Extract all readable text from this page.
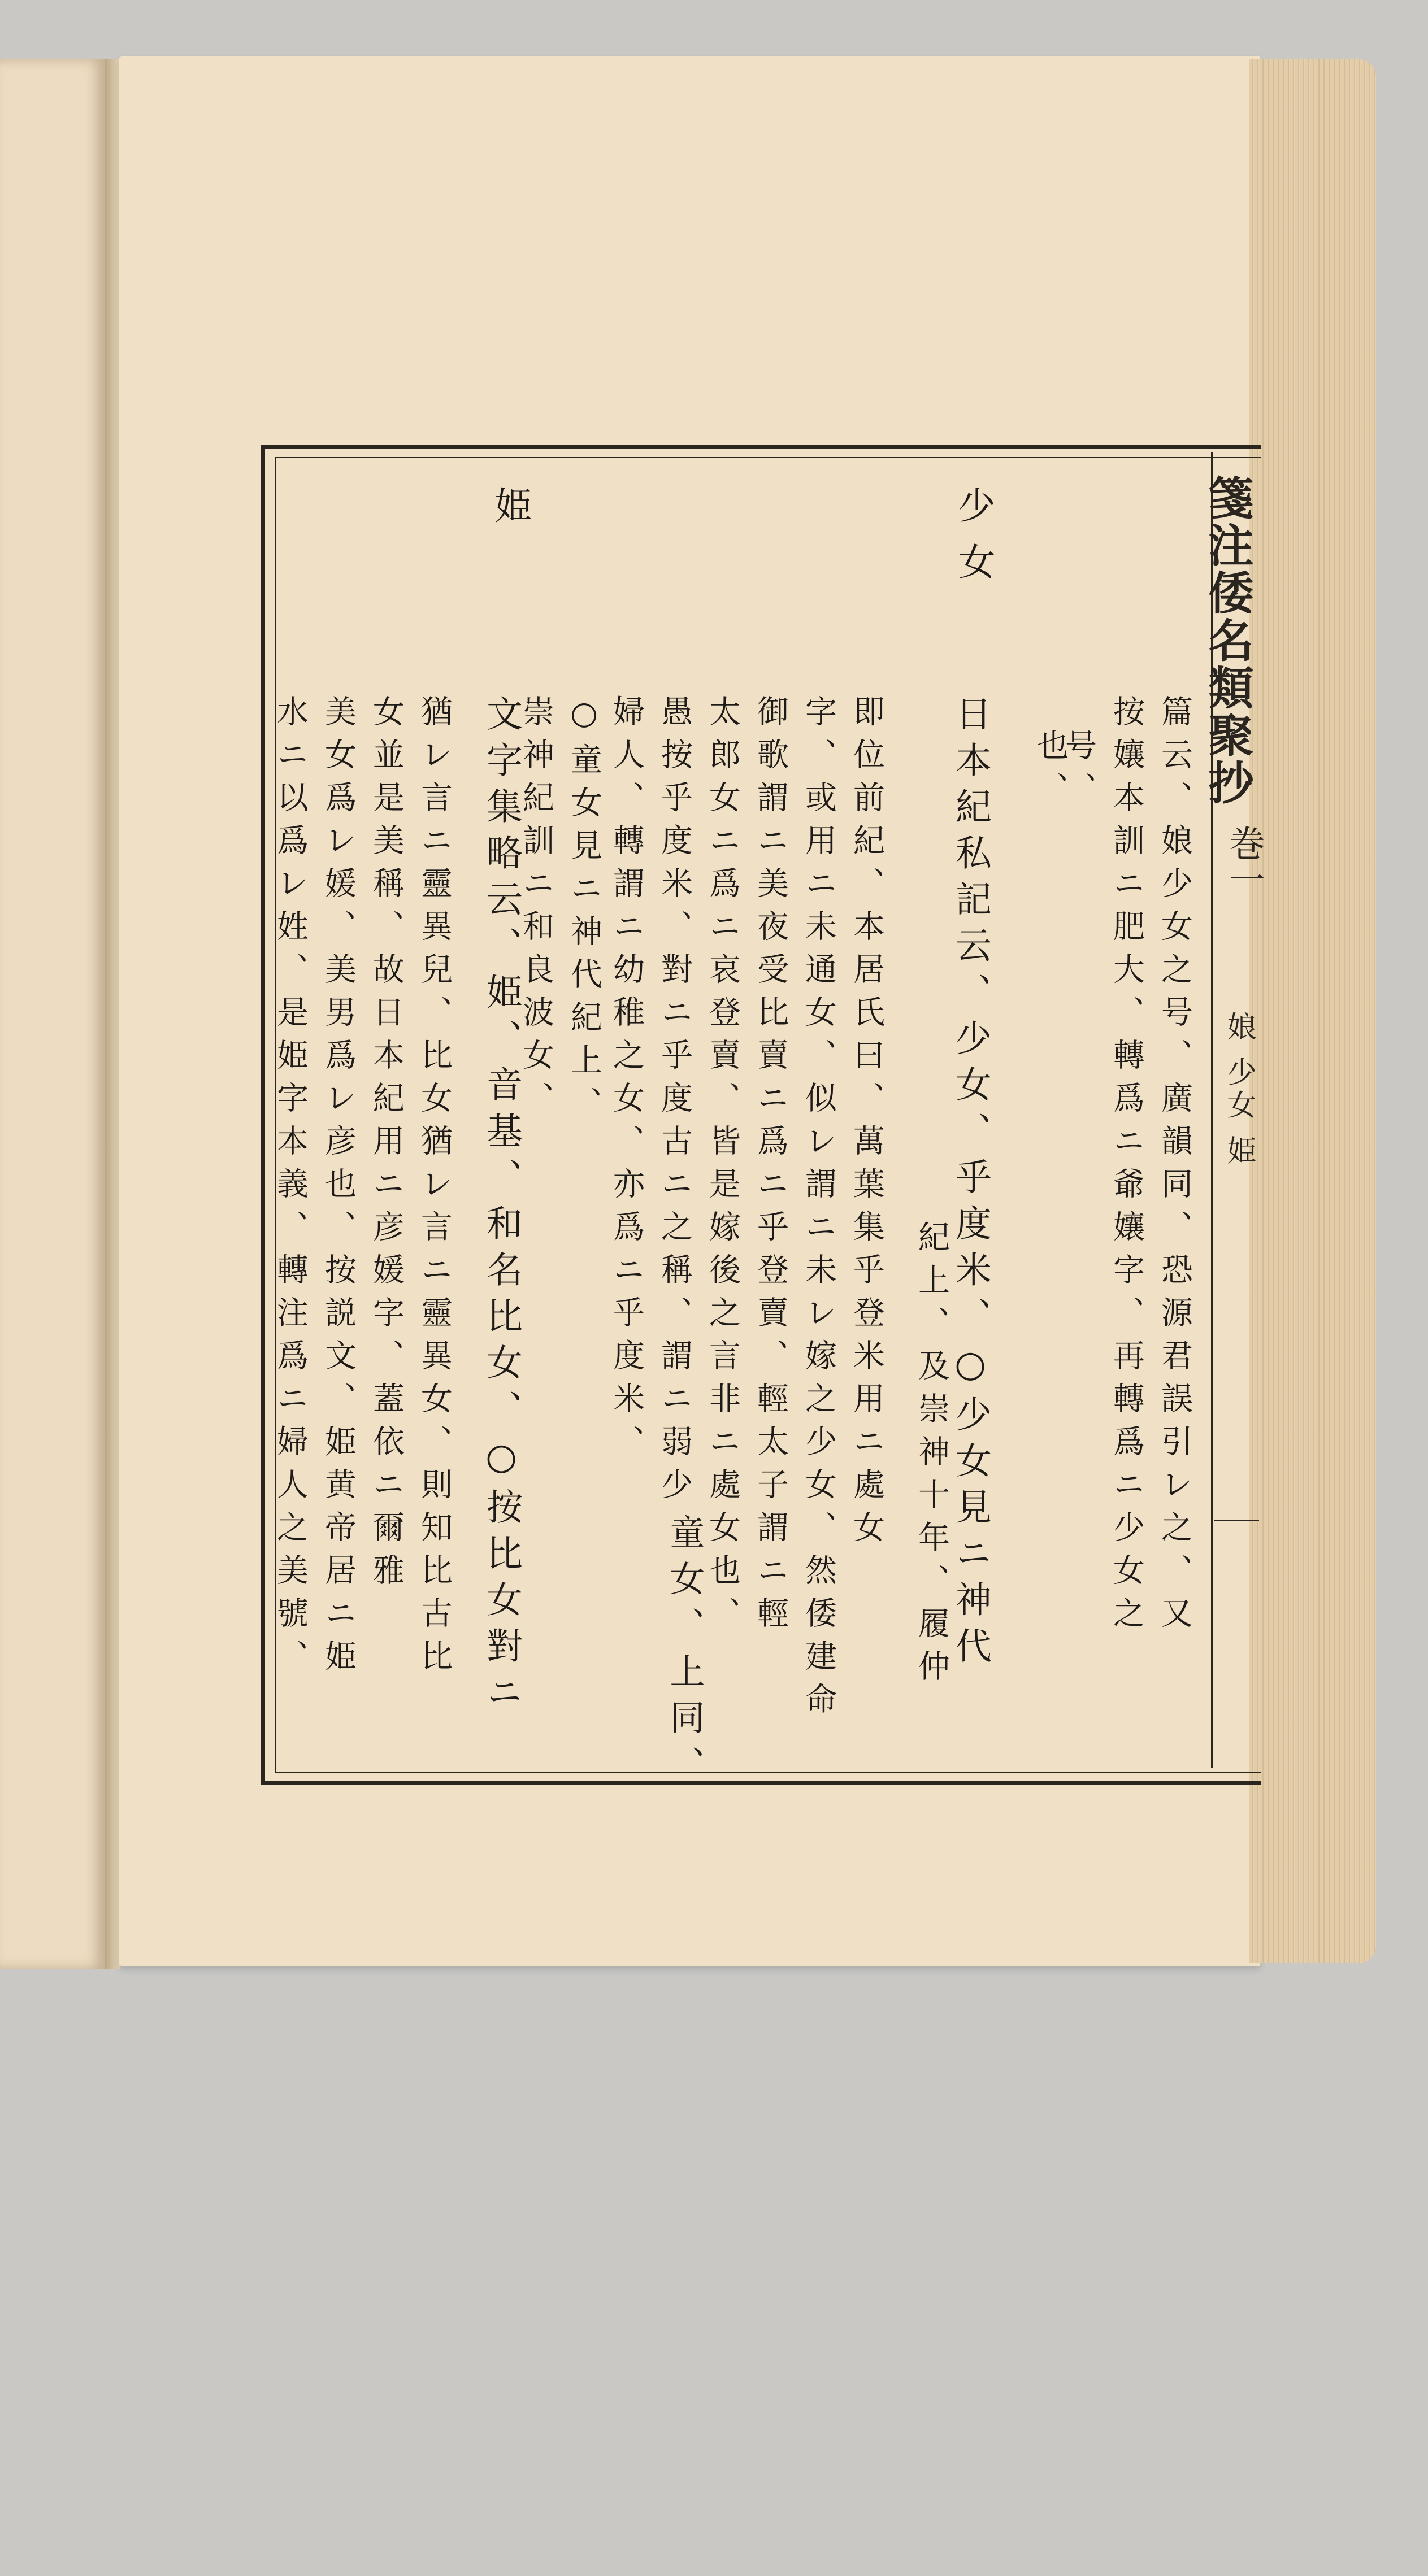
箋注倭名類聚抄
巻一
娘 少女 姫
少女
姫
篇云、娘少女之号、廣韻同、恐源君誤引レ之、又
按孃本訓ニ肥大、轉爲ニ爺孃字、再轉爲ニ少女之
号、
也、
日本紀私記云、少女、乎度米、○少女見ニ神代
紀上、及崇神十年、履仲
即位前紀、本居氏曰、萬葉集乎登米用ニ處女
字、或用ニ未通女、似レ謂ニ未レ嫁之少女、然倭建命
御歌謂ニ美夜受比賣ニ爲ニ乎登賣、輕太子謂ニ輕
太郎女ニ爲ニ哀登賣、皆是嫁後之言非ニ處女也、
愚按乎度米、對ニ乎度古ニ之稱、謂ニ弱少
婦人、轉謂ニ幼稚之女、亦爲ニ乎度米、
○童女見ニ神代紀上、
崇神紀訓ニ和良波女、
童女、上同、
文字集略云、姫、音基、和名比女、○按比女對ニ
猶レ言ニ靈異兒、比女猶レ言ニ靈異女、則知比古比
女並是美稱、故日本紀用ニ彦媛字、蓋依ニ爾雅
美女爲レ媛、美男爲レ彦也、按説文、姫黄帝居ニ姫
水ニ以爲レ姓、是姫字本義、轉注爲ニ婦人之美號、
